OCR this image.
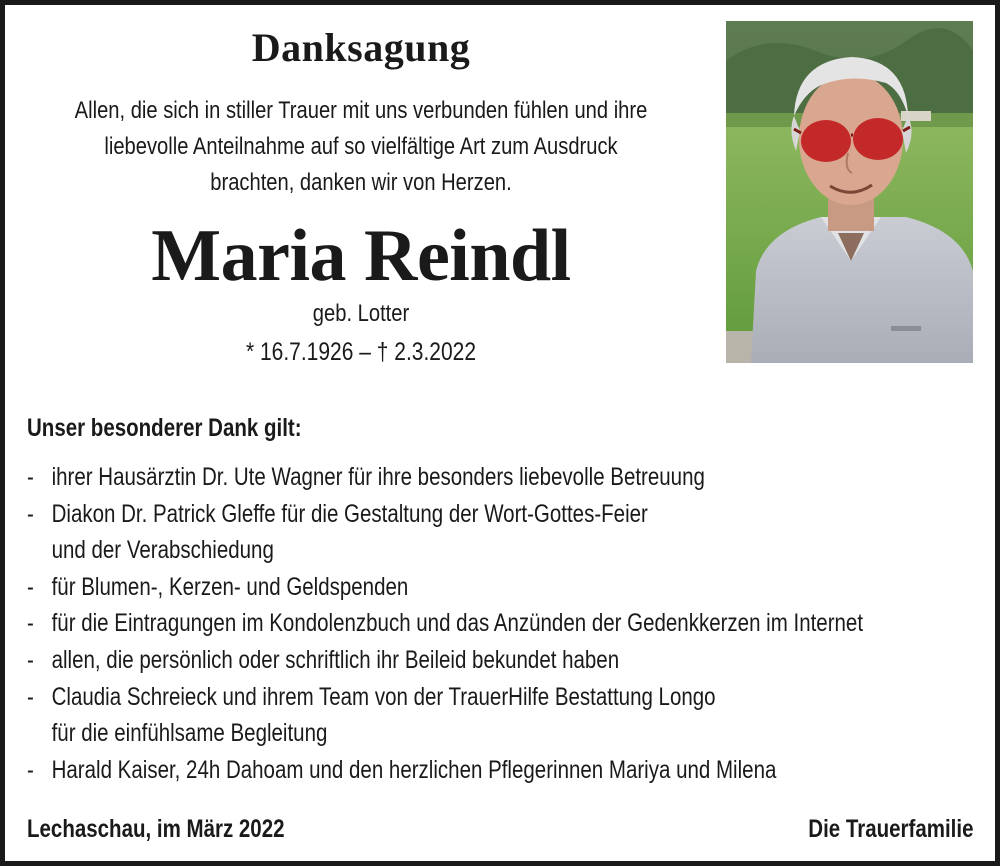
Danksagung
Allen, die sich in stiller Trauer mit uns verbunden fühlen und ihre
liebevolle Anteilnahme auf so vielfältige Art zum Ausdruck
brachten, danken wir von Herzen.
Maria Reindl
geb. Lotter
* 16.7.1926 – † 2.3.2022
Unser besonderer Dank gilt:
- ihrer Hausärztin Dr. Ute Wagner für ihre besonders liebevolle Betreuung
- Diakon Dr. Patrick Gleffe für die Gestaltung der Wort-Gottes-Feier
und der Verabschiedung
- für Blumen-, Kerzen- und Geldspenden
- für die Eintragungen im Kondolenzbuch und das Anzünden der Gedenkkerzen im Internet
- allen, die persönlich oder schriftlich ihr Beileid bekundet haben
- Claudia Schreieck und ihrem Team von der TrauerHilfe Bestattung Longo
für die einfühlsame Begleitung
- Harald Kaiser, 24h Dahoam und den herzlichen Pflegerinnen Mariya und Milena
Lechaschau, im März 2022	Die Trauerfamilie
